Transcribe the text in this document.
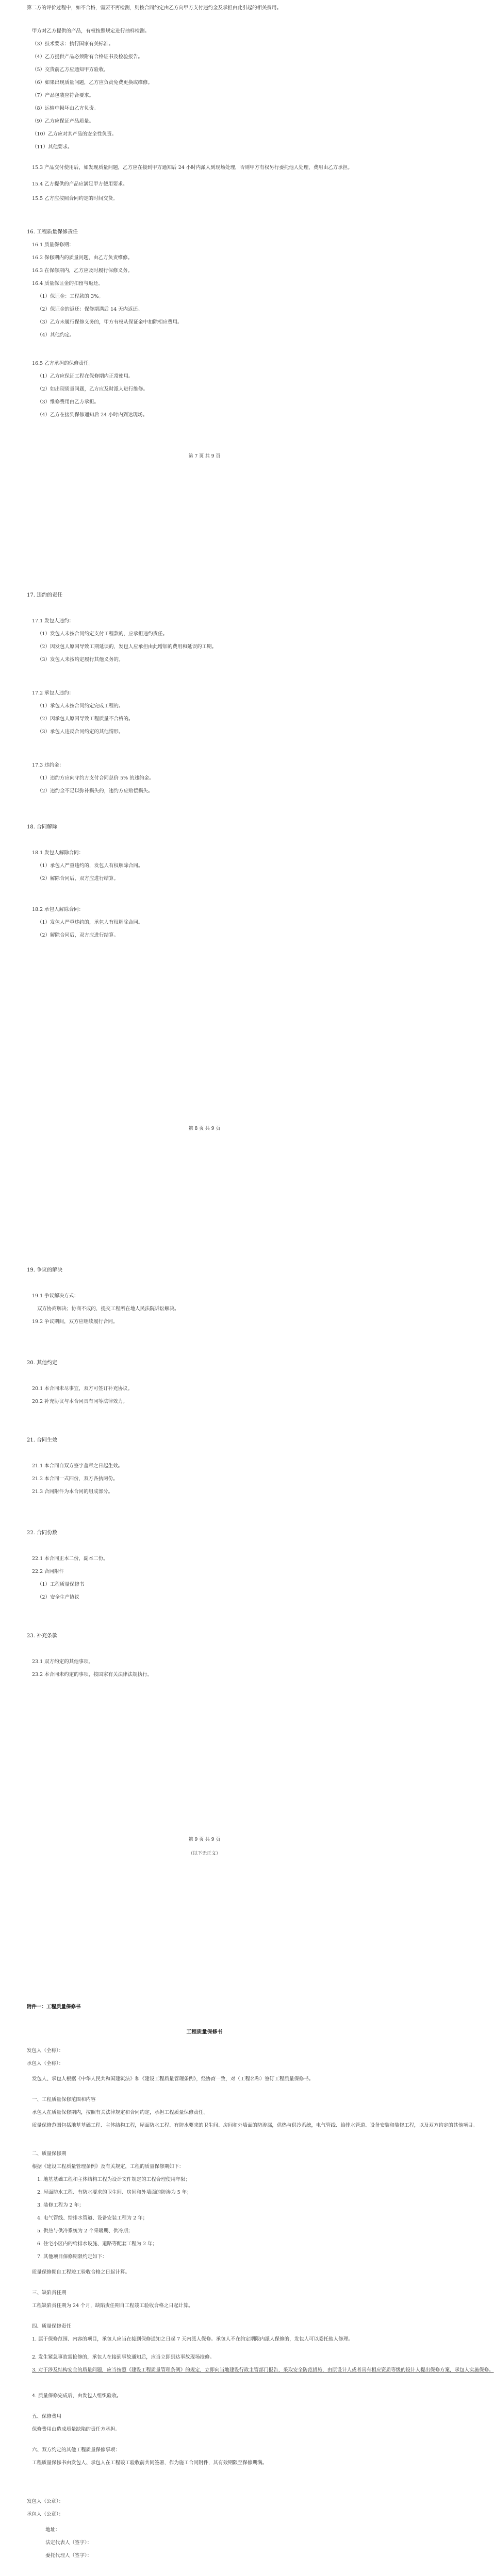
第二方的评价过程中，如不合格，需要不再检测，则按合同约定由乙方向甲方支付违约金及承担由此引起的相关费用。
甲方对乙方提供的产品，有权按照规定进行抽样检测。
（3）技术要求：执行国家有关标准。
（4）乙方提供产品必须附有合格证书及检验报告。
（5）交货前乙方应通知甲方验收。
（6）如果出现质量问题，乙方应负责免费更换或维修。
（7）产品包装应符合要求。
（8）运输中损坏由乙方负责。
（9）乙方应保证产品质量。
（10）乙方应对其产品的安全性负责。
（11）其他要求。
15.3 产品交付使用后，如发现质量问题，乙方应在接到甲方通知后 24 小时内派人到现场处理，否则甲方有权另行委托他人处理，费用由乙方承担。
15.4 乙方提供的产品应满足甲方使用要求。
15.5 乙方应按照合同约定的时间交货。
16. 工程质量保修责任
16.1 质量保修期：
16.2 保修期内的质量问题，由乙方负责维修。
16.3 在保修期内，乙方应及时履行保修义务。
16.4 质量保证金的扣留与返还。
（1）保证金：工程款的 3%。
（2）保证金的返还：保修期满后 14 天内返还。
（3）乙方未履行保修义务的，甲方有权从保证金中扣除相应费用。
（4）其他约定。
16.5 乙方承担的保修责任。
（1）乙方应保证工程在保修期内正常使用。
（2）如出现质量问题，乙方应及时派人进行维修。
（3）维修费用由乙方承担。
（4）乙方在接到保修通知后 24 小时内到达现场。
第 7 页 共 9 页
17. 违约的责任
17.1 发包人违约：
（1）发包人未按合同约定支付工程款的，应承担违约责任。
（2）因发包人原因导致工期延误的，发包人应承担由此增加的费用和延误的工期。
（3）发包人未按约定履行其他义务的。
17.2 承包人违约：
（1）承包人未按合同约定完成工程的。
（2）因承包人原因导致工程质量不合格的。
（3）承包人违反合同约定的其他情形。
17.3 违约金：
（1）违约方应向守约方支付合同总价 5% 的违约金。
（2）违约金不足以弥补损失的，违约方应赔偿损失。
18. 合同解除
18.1 发包人解除合同：
（1）承包人严重违约的，发包人有权解除合同。
（2）解除合同后，双方应进行结算。
18.2 承包人解除合同：
（1）发包人严重违约的，承包人有权解除合同。
（2）解除合同后，双方应进行结算。
第 8 页 共 9 页
19. 争议的解决
19.1 争议解决方式：
双方协商解决；协商不成的，提交工程所在地人民法院诉讼解决。
19.2 争议期间，双方应继续履行合同。
20. 其他约定
20.1 本合同未尽事宜，双方可签订补充协议。
20.2 补充协议与本合同具有同等法律效力。
21. 合同生效
21.1 本合同自双方签字盖章之日起生效。
21.2 本合同一式四份，双方各执两份。
21.3 合同附件为本合同的组成部分。
22. 合同份数
22.1 本合同正本二份，副本二份。
22.2 合同附件
（1）工程质量保修书
（2）安全生产协议
23. 补充条款
23.1 双方约定的其他事项。
23.2 本合同未约定的事项，按国家有关法律法规执行。
第 9 页 共 9 页
（以下无正文）
附件一：工程质量保修书
工程质量保修书
发包人（全称）：
承包人（全称）：
发包人、承包人根据《中华人民共和国建筑法》和《建设工程质量管理条例》，经协商一致，对（工程名称）签订工程质量保修书。
一、工程质量保修范围和内容
承包人在质量保修期内，按照有关法律规定和合同约定，承担工程质量保修责任。
质量保修范围包括地基基础工程、主体结构工程，屋面防水工程、有防水要求的卫生间、房间和外墙面的防渗漏，供热与供冷系统，电气管线、给排水管道、设备安装和装修工程，以及双方约定的其他项目。
二、质量保修期
根据《建设工程质量管理条例》及有关规定，工程的质量保修期如下：
1. 地基基础工程和主体结构工程为设计文件规定的工程合理使用年限；
2. 屋面防水工程、有防水要求的卫生间、房间和外墙面的防渗为 5 年；
3. 装修工程为 2 年；
4. 电气管线、给排水管道、设备安装工程为 2 年；
5. 供热与供冷系统为 2 个采暖期、供冷期；
6. 住宅小区内的给排水设施、道路等配套工程为 2 年；
7. 其他项目保修期限约定如下：
质量保修期自工程竣工验收合格之日起计算。
三、缺陷责任期
工程缺陷责任期为 24 个月，缺陷责任期自工程竣工验收合格之日起计算。
四、质量保修责任
1. 属于保修范围、内容的项目，承包人应当在接到保修通知之日起 7 天内派人保修。承包人不在约定期限内派人保修的，发包人可以委托他人修理。
2. 发生紧急事故需抢修的，承包人在接到事故通知后，应当立即到达事故现场抢修。
3. 对于涉及结构安全的质量问题，应当按照《建设工程质量管理条例》的规定，立即向当地建设行政主管部门报告，采取安全防范措施，由原设计人或者具有相应资质等级的设计人提出保修方案，承包人实施保修。
4. 质量保修完成后，由发包人组织验收。
五、保修费用
保修费用由造成质量缺陷的责任方承担。
六、双方约定的其他工程质量保修事项：
工程质量保修书由发包人、承包人在工程竣工验收前共同签署，作为施工合同附件，其有效期限至保修期满。
发包人（公章）：
承包人（公章）：
地址：
法定代表人（签字）：
委托代理人（签字）：
